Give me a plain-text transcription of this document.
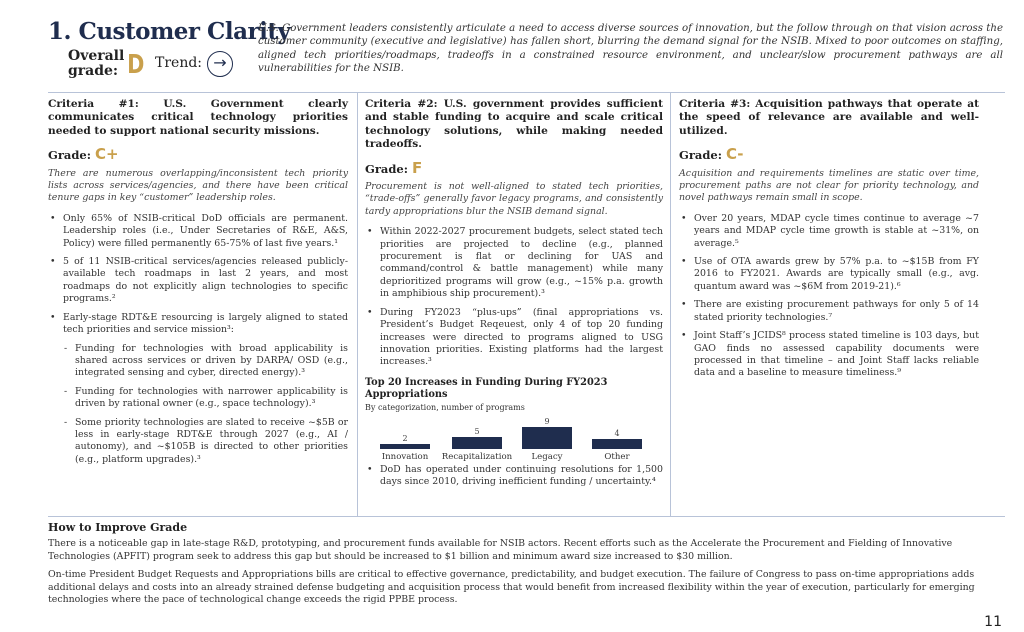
1. Customer Clarity
Overall grade: D Trend: →
U.S. Government leaders consistently articulate a need to access diverse sources of innovation, but the follow through on that vision across the customer community (executive and legislative) has fallen short, blurring the demand signal for the NSIB. Mixed to poor outcomes on staffing, aligned tech priorities/roadmaps, tradeoffs in a constrained resource environment, and unclear/slow procurement pathways are all vulnerabilities for the NSIB.
Criteria #1: U.S. Government clearly communicates critical technology priorities needed to support national security missions.
Grade: C+
There are numerous overlapping/inconsistent tech priority lists across services/agencies, and there have been critical tenure gaps in key “customer” leadership roles.
• Only 65% of NSIB-critical DoD officials are permanent. Leadership roles (i.e., Under Secretaries of R&E, A&S, Policy) were filled permanently 65-75% of last five years.¹
• 5 of 11 NSIB-critical services/agencies released publicly-available tech roadmaps in last 2 years, and most roadmaps do not explicitly align technologies to specific programs.²
• Early-stage RDT&E resourcing is largely aligned to stated tech priorities and service mission³:
- Funding for technologies with broad applicability is shared across services or driven by DARPA/ OSD (e.g., integrated sensing and cyber, directed energy).³
- Funding for technologies with narrower applicability is driven by rational owner (e.g., space technology).³
- Some priority technologies are slated to receive ~$5B or less in early-stage RDT&E through 2027 (e.g., AI / autonomy), and ~$105B is directed to other priorities (e.g., platform upgrades).³
Criteria #2: U.S. government provides sufficient and stable funding to acquire and scale critical technology solutions, while making needed tradeoffs.
Grade: F
Procurement is not well-aligned to stated tech priorities, “trade-offs” generally favor legacy programs, and consistently tardy appropriations blur the NSIB demand signal.
• Within 2022-2027 procurement budgets, select stated tech priorities are projected to decline (e.g., planned procurement is flat or declining for UAS and command/control & battle management) while many deprioritized programs will grow (e.g., ~15% p.a. growth in amphibious ship procurement).³
• During FY2023 “plus-ups” (final appropriations vs. President’s Budget Reqeuest, only 4 of top 20 funding increases were directed to programs aligned to USG innovation priorities. Existing platforms had the largest increases.³
Top 20 Increases in Funding During FY2023 Appropriations
By categorization, number of programs
2
Innovation
5
Recapitalization
9
Legacy
4
Other
• DoD has operated under continuing resolutions for 1,500 days since 2010, driving inefficient funding / uncertainty.⁴
Criteria #3: Acquisition pathways that operate at the speed of relevance are available and well-utilized.
Grade: C-
Acquisition and requirements timelines are static over time, procurement paths are not clear for priority technology, and novel pathways remain small in scope.
• Over 20 years, MDAP cycle times continue to average ~7 years and MDAP cycle time growth is stable at ~31%, on average.⁵
• Use of OTA awards grew by 57% p.a. to ~$15B from FY 2016 to FY2021. Awards are typically small (e.g., avg. quantum award was ~$6M from 2019-21).⁶
• There are existing procurement pathways for only 5 of 14 stated priority technologies.⁷
• Joint Staff’s JCIDS⁸ process stated timeline is 103 days, but GAO finds no assessed capability documents were processed in that timeline – and Joint Staff lacks reliable data and a baseline to measure timeliness.⁹
How to Improve Grade

There is a noticeable gap in late-stage R&D, prototyping, and procurement funds available for NSIB actors. Recent efforts such as the Accelerate the Procurement and Fielding of Innovative Technologies (APFIT) program seek to address this gap but should be increased to $1 billion and minimum award size increased to $30 million.

On-time President Budget Requests and Appropriations bills are critical to effective governance, predictability, and budget execution. The failure of Congress to pass on-time appropriations adds additional delays and costs into an already strained defense budgeting and acquisition process that would benefit from increased flexibility within the year of execution, particularly for emerging technologies where the pace of technological change exceeds the rigid PPBE process.

11
